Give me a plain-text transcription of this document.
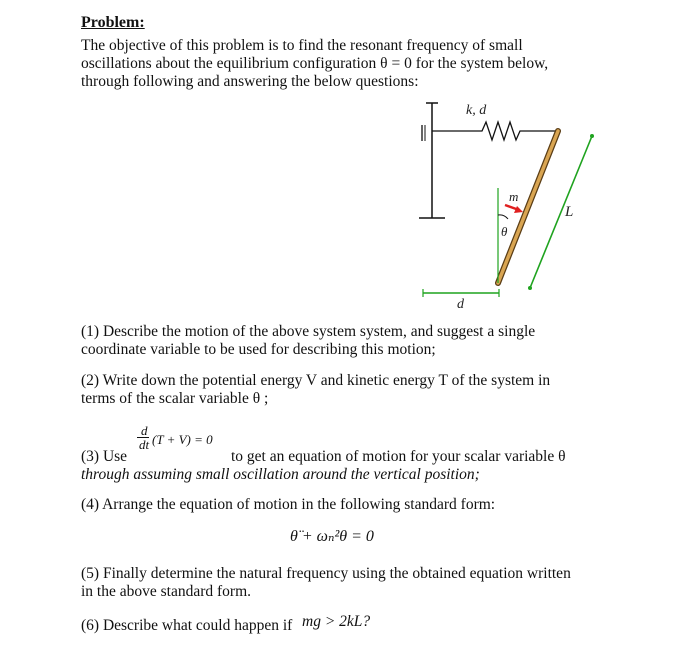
Problem:
The objective of this problem is to find the resonant frequency of small
oscillations about the equilibrium configuration θ = 0 for the system below,
through following and answering the below questions:
k, d
m
θ
L
d
(1) Describe the motion of the above system system, and suggest a single
coordinate variable to be used for describing this motion;
(2) Write down the potential energy V and kinetic energy T of the system in
terms of the scalar variable θ ;
$\frac{d}{dt} (T + V) = 0$
(3) Use	to get an equation of motion for your scalar variable θ
through assuming small oscillation around the vertical position;
(4) Arrange the equation of motion in the following standard form:
θ̈ + ωₙ²θ = 0
(5) Finally determine the natural frequency using the obtained equation written
in the above standard form.
(6) Describe what could happen if mg > 2kL?
